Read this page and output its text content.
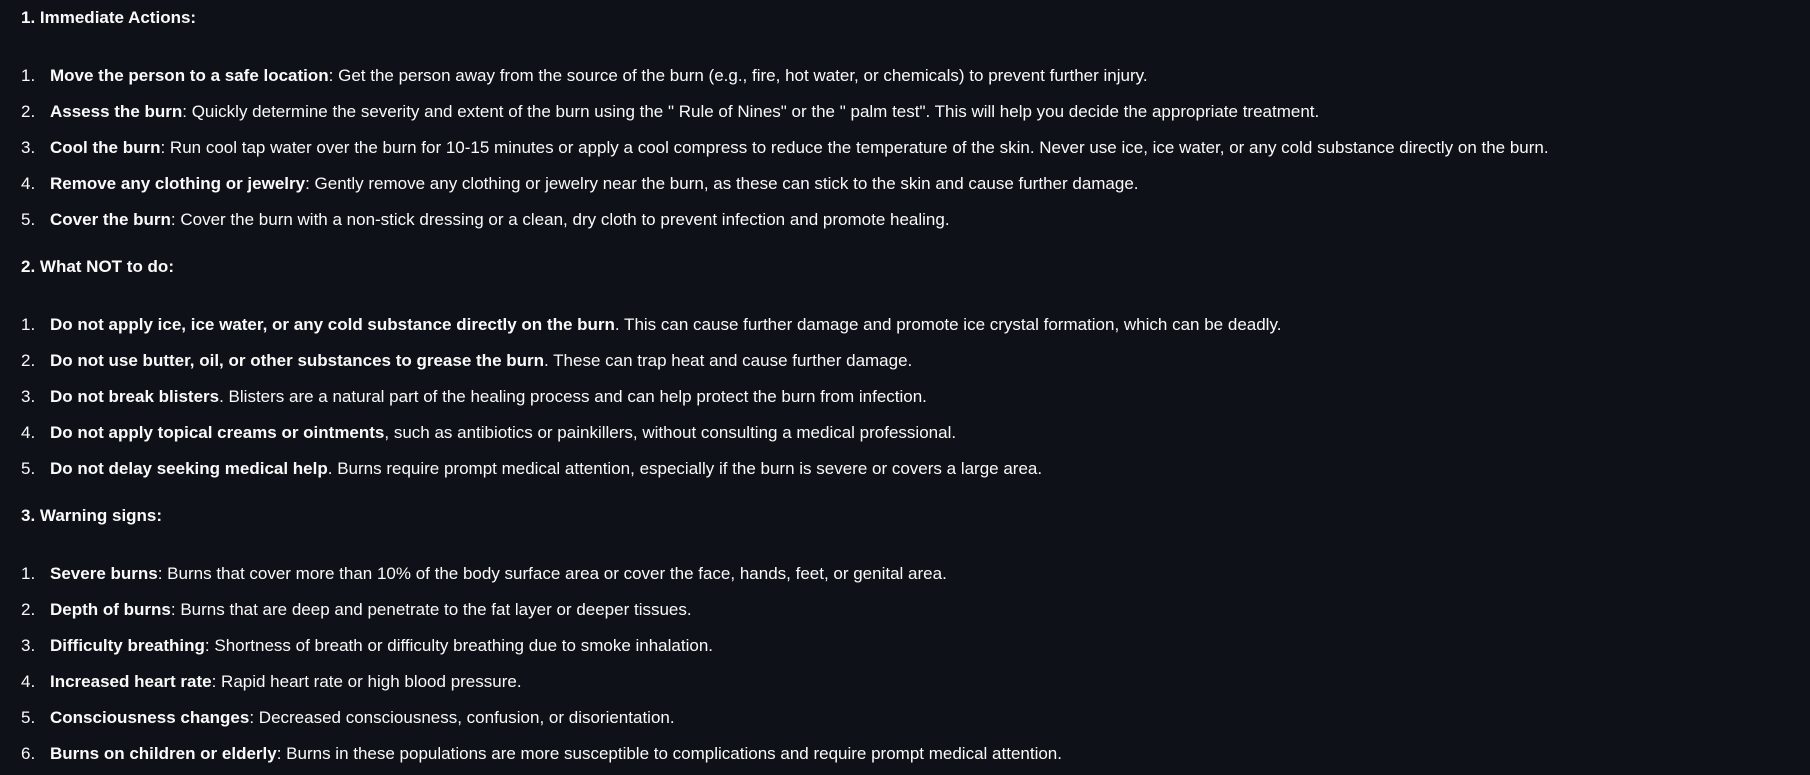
1. Immediate Actions:
1. Move the person to a safe location: Get the person away from the source of the burn (e.g., fire, hot water, or chemicals) to prevent further injury.
2. Assess the burn: Quickly determine the severity and extent of the burn using the " Rule of Nines" or the " palm test". This will help you decide the appropriate treatment.
3. Cool the burn: Run cool tap water over the burn for 10-15 minutes or apply a cool compress to reduce the temperature of the skin. Never use ice, ice water, or any cold substance directly on the burn.
4. Remove any clothing or jewelry: Gently remove any clothing or jewelry near the burn, as these can stick to the skin and cause further damage.
5. Cover the burn: Cover the burn with a non-stick dressing or a clean, dry cloth to prevent infection and promote healing.
2. What NOT to do:
1. Do not apply ice, ice water, or any cold substance directly on the burn. This can cause further damage and promote ice crystal formation, which can be deadly.
2. Do not use butter, oil, or other substances to grease the burn. These can trap heat and cause further damage.
3. Do not break blisters. Blisters are a natural part of the healing process and can help protect the burn from infection.
4. Do not apply topical creams or ointments, such as antibiotics or painkillers, without consulting a medical professional.
5. Do not delay seeking medical help. Burns require prompt medical attention, especially if the burn is severe or covers a large area.
3. Warning signs:
1. Severe burns: Burns that cover more than 10% of the body surface area or cover the face, hands, feet, or genital area.
2. Depth of burns: Burns that are deep and penetrate to the fat layer or deeper tissues.
3. Difficulty breathing: Shortness of breath or difficulty breathing due to smoke inhalation.
4. Increased heart rate: Rapid heart rate or high blood pressure.
5. Consciousness changes: Decreased consciousness, confusion, or disorientation.
6. Burns on children or elderly: Burns in these populations are more susceptible to complications and require prompt medical attention.
